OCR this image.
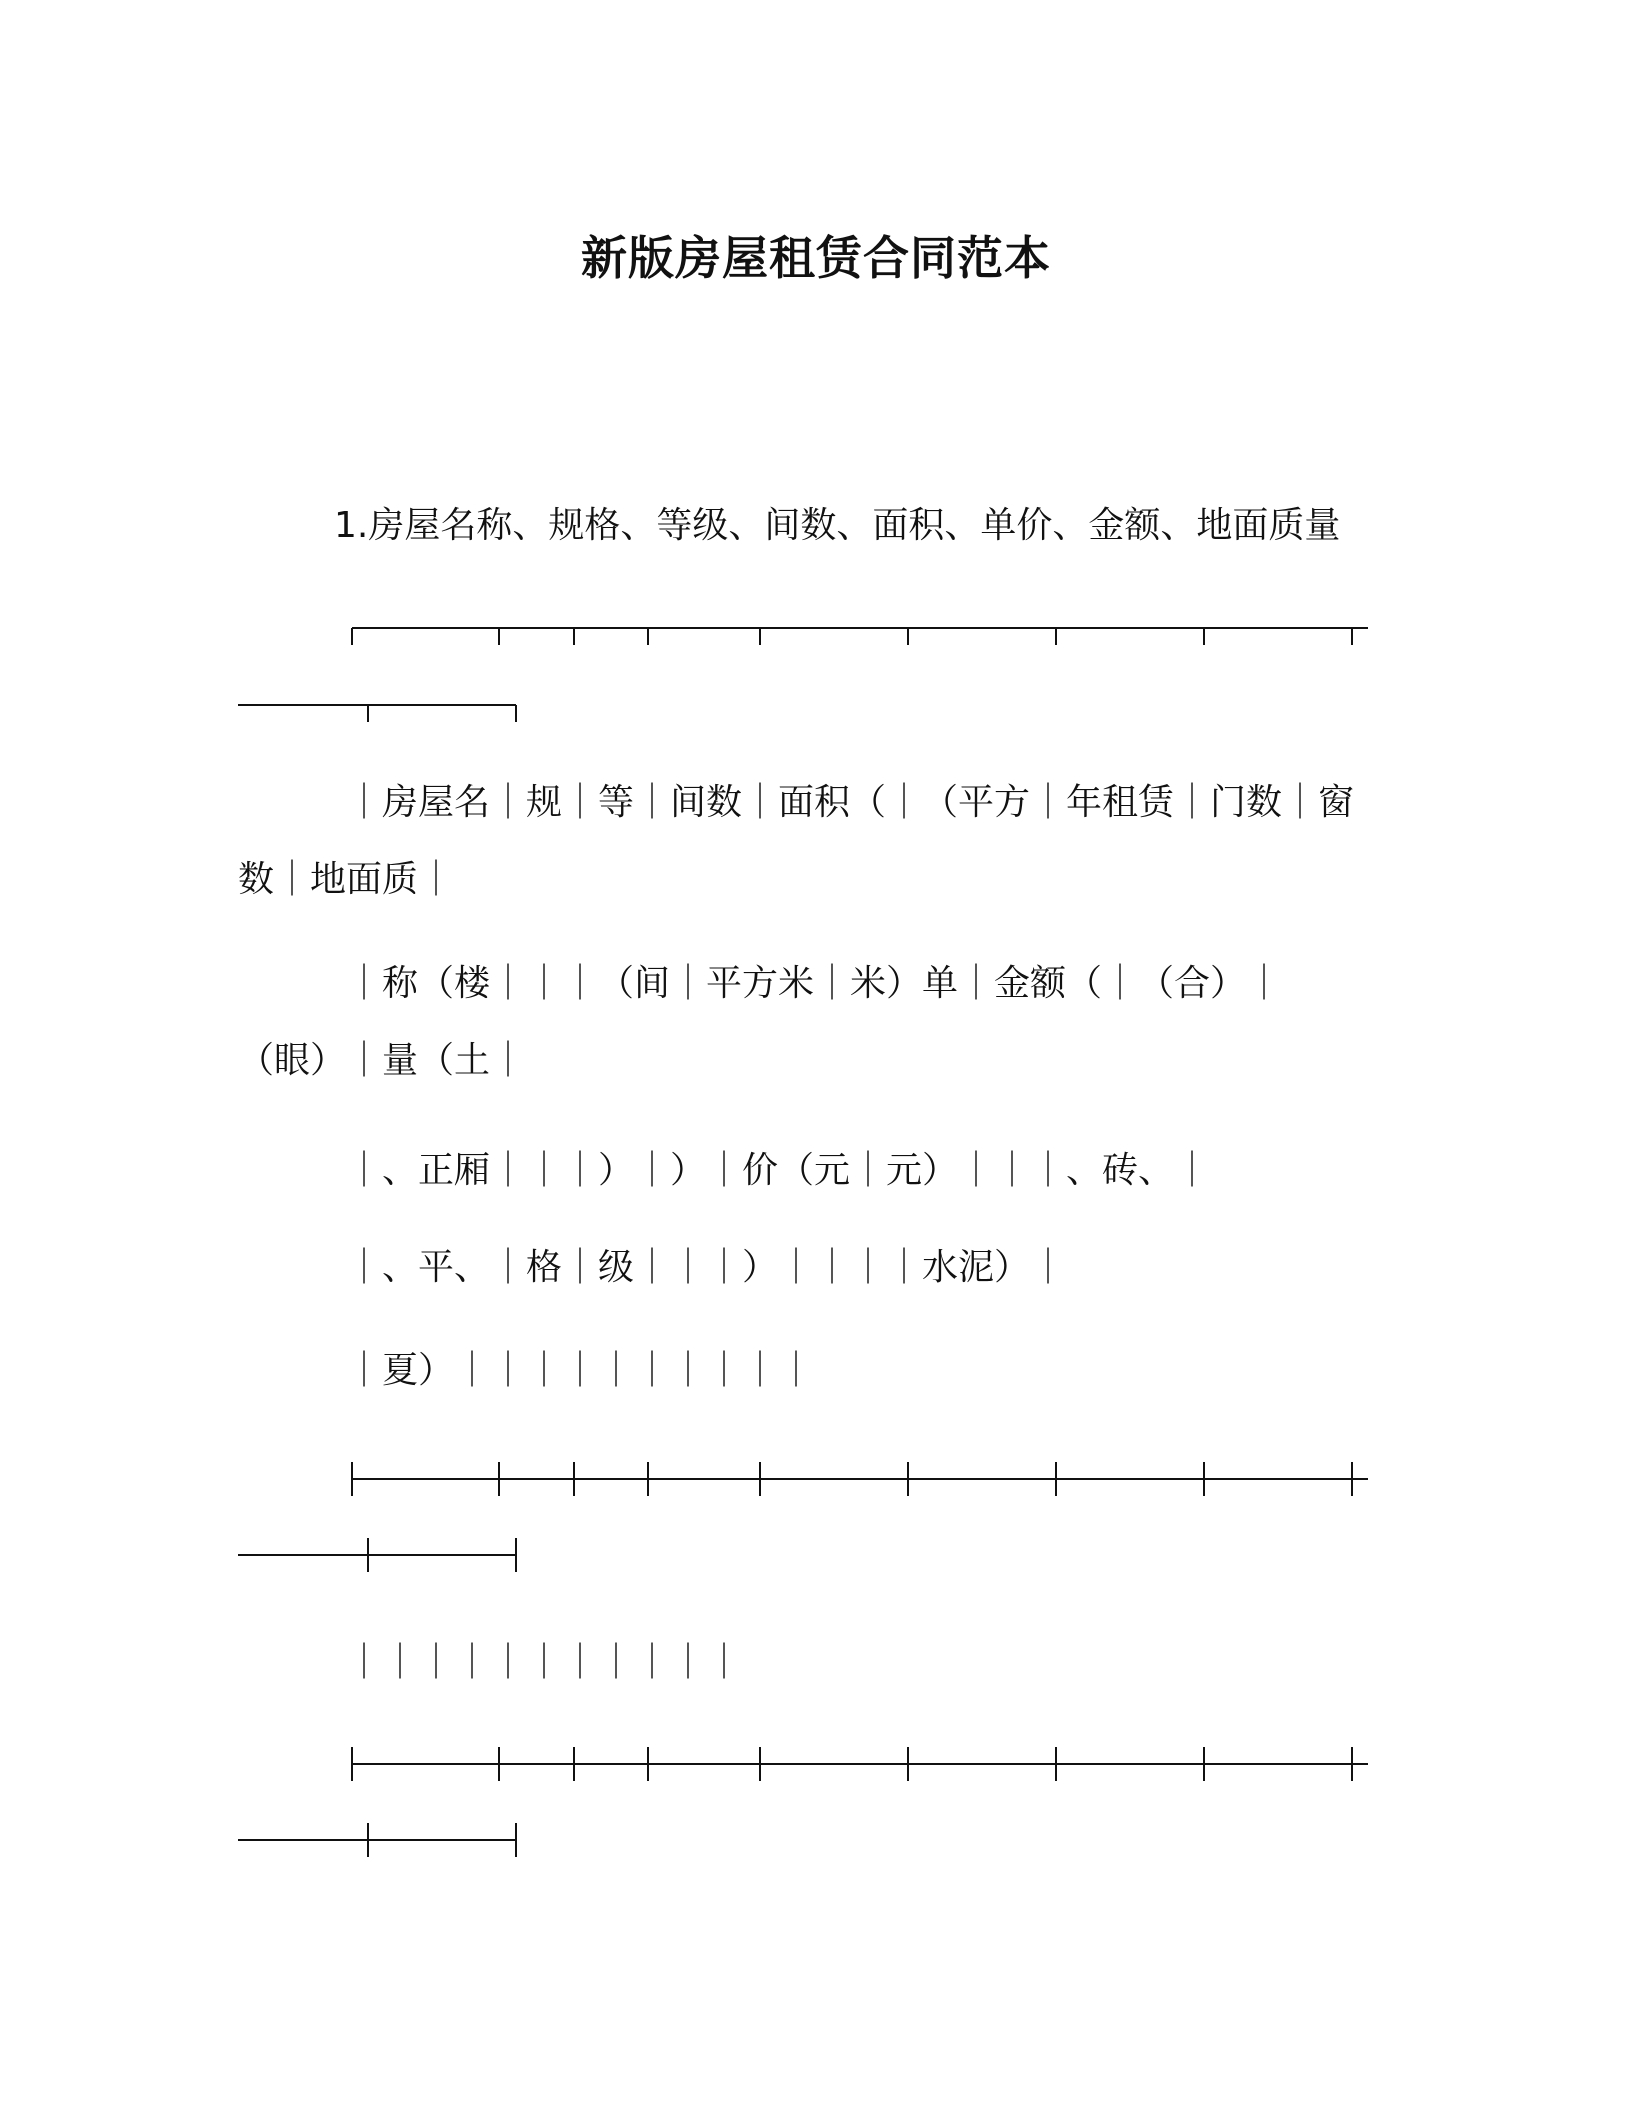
新版房屋租赁合同范本

1.房屋名称、规格、等级、间数、面积、单价、金额、地面质量

｜房屋名｜规｜等｜间数｜面积（｜（平方｜年租赁｜门数｜窗

数｜地面质｜

｜称（楼｜｜｜（间｜平方米｜米）单｜金额（｜（合）｜

（眼）｜量（土｜

｜、正厢｜｜｜）｜）｜价（元｜元）｜｜｜、砖、｜

｜、平、｜格｜级｜｜｜）｜｜｜｜水泥）｜

｜夏）｜｜｜｜｜｜｜｜｜｜

｜｜｜｜｜｜｜｜｜｜｜
